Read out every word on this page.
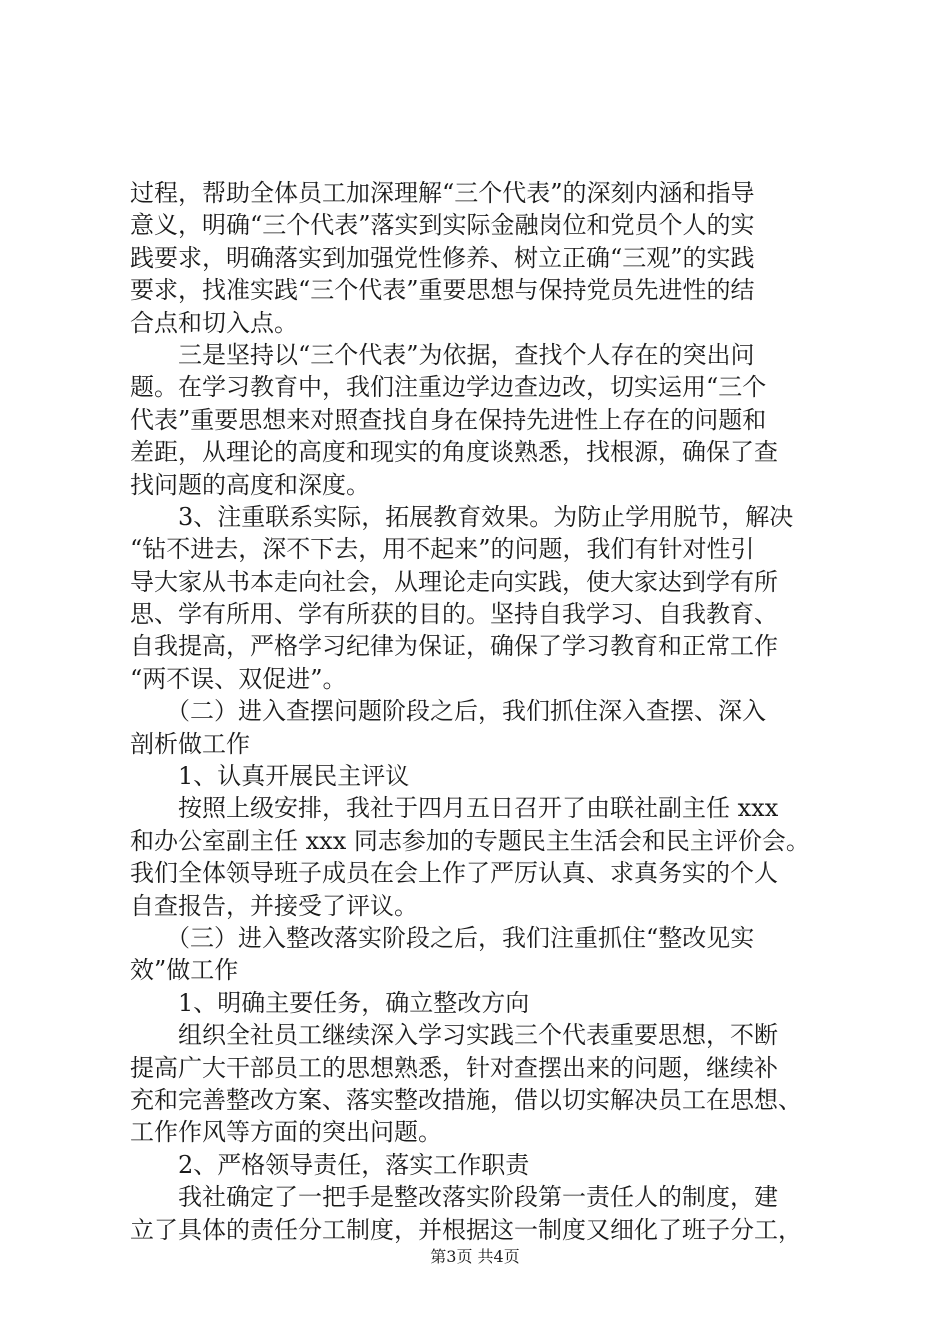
过程，帮助全体员工加深理解“三个代表”的深刻内涵和指导
意义，明确“三个代表”落实到实际金融岗位和党员个人的实
践要求，明确落实到加强党性修养、树立正确“三观”的实践
要求，找准实践“三个代表”重要思想与保持党员先进性的结
合点和切入点。
　　三是坚持以“三个代表”为依据，查找个人存在的突出问
题。在学习教育中，我们注重边学边查边改，切实运用“三个
代表”重要思想来对照查找自身在保持先进性上存在的问题和
差距，从理论的高度和现实的角度谈熟悉，找根源，确保了查
找问题的高度和深度。
　　3、注重联系实际，拓展教育效果。为防止学用脱节，解决
“钻不进去，深不下去，用不起来”的问题，我们有针对性引
导大家从书本走向社会，从理论走向实践，使大家达到学有所
思、学有所用、学有所获的目的。坚持自我学习、自我教育、
自我提高，严格学习纪律为保证，确保了学习教育和正常工作
“两不误、双促进”。
　　（二）进入查摆问题阶段之后，我们抓住深入查摆、深入
剖析做工作
　　1、认真开展民主评议
　　按照上级安排，我社于四月五日召开了由联社副主任 xxx
和办公室副主任 xxx 同志参加的专题民主生活会和民主评价会。
我们全体领导班子成员在会上作了严厉认真、求真务实的个人
自查报告，并接受了评议。
　　（三）进入整改落实阶段之后，我们注重抓住“整改见实
效”做工作
　　1、明确主要任务，确立整改方向
　　组织全社员工继续深入学习实践三个代表重要思想，不断
提高广大干部员工的思想熟悉，针对查摆出来的问题，继续补
充和完善整改方案、落实整改措施，借以切实解决员工在思想、
工作作风等方面的突出问题。
　　2、严格领导责任，落实工作职责
　　我社确定了一把手是整改落实阶段第一责任人的制度，建
立了具体的责任分工制度，并根据这一制度又细化了班子分工，
第3页 共4页
